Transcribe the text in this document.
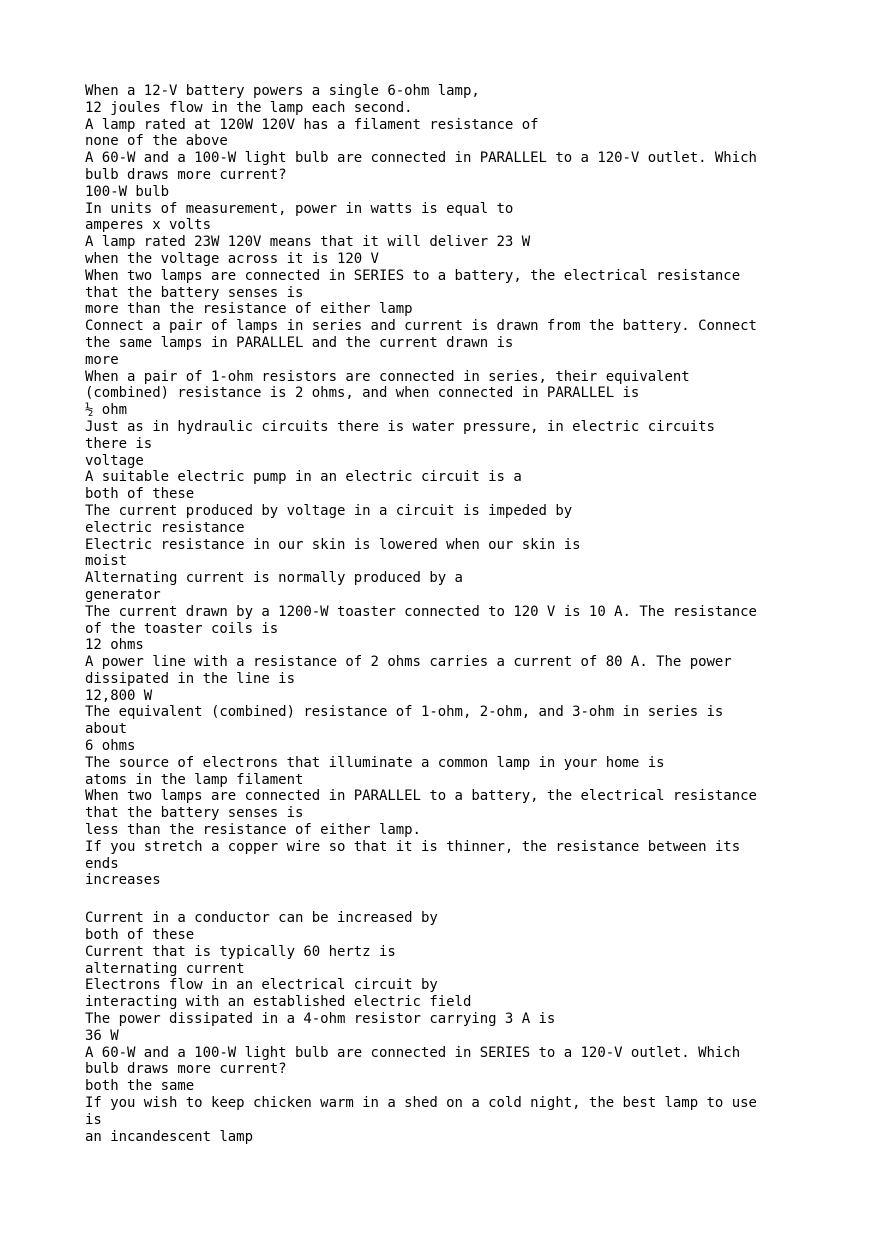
When a 12-V battery powers a single 6-ohm lamp,
12 joules flow in the lamp each second.
A lamp rated at 120W 120V has a filament resistance of
none of the above
A 60-W and a 100-W light bulb are connected in PARALLEL to a 120-V outlet. Which
bulb draws more current?
100-W bulb
In units of measurement, power in watts is equal to
amperes x volts
A lamp rated 23W 120V means that it will deliver 23 W
when the voltage across it is 120 V
When two lamps are connected in SERIES to a battery, the electrical resistance
that the battery senses is
more than the resistance of either lamp
Connect a pair of lamps in series and current is drawn from the battery. Connect
the same lamps in PARALLEL and the current drawn is
more
When a pair of 1-ohm resistors are connected in series, their equivalent
(combined) resistance is 2 ohms, and when connected in PARALLEL is
½ ohm
Just as in hydraulic circuits there is water pressure, in electric circuits
there is
voltage
A suitable electric pump in an electric circuit is a
both of these
The current produced by voltage in a circuit is impeded by
electric resistance
Electric resistance in our skin is lowered when our skin is
moist
Alternating current is normally produced by a
generator
The current drawn by a 1200-W toaster connected to 120 V is 10 A. The resistance
of the toaster coils is
12 ohms
A power line with a resistance of 2 ohms carries a current of 80 A. The power
dissipated in the line is
12,800 W
The equivalent (combined) resistance of 1-ohm, 2-ohm, and 3-ohm in series is
about
6 ohms
The source of electrons that illuminate a common lamp in your home is
atoms in the lamp filament
When two lamps are connected in PARALLEL to a battery, the electrical resistance
that the battery senses is
less than the resistance of either lamp.
If you stretch a copper wire so that it is thinner, the resistance between its
ends
increases
Current in a conductor can be increased by
both of these
Current that is typically 60 hertz is
alternating current
Electrons flow in an electrical circuit by
interacting with an established electric field
The power dissipated in a 4-ohm resistor carrying 3 A is
36 W
A 60-W and a 100-W light bulb are connected in SERIES to a 120-V outlet. Which
bulb draws more current?
both the same
If you wish to keep chicken warm in a shed on a cold night, the best lamp to use
is
an incandescent lamp
